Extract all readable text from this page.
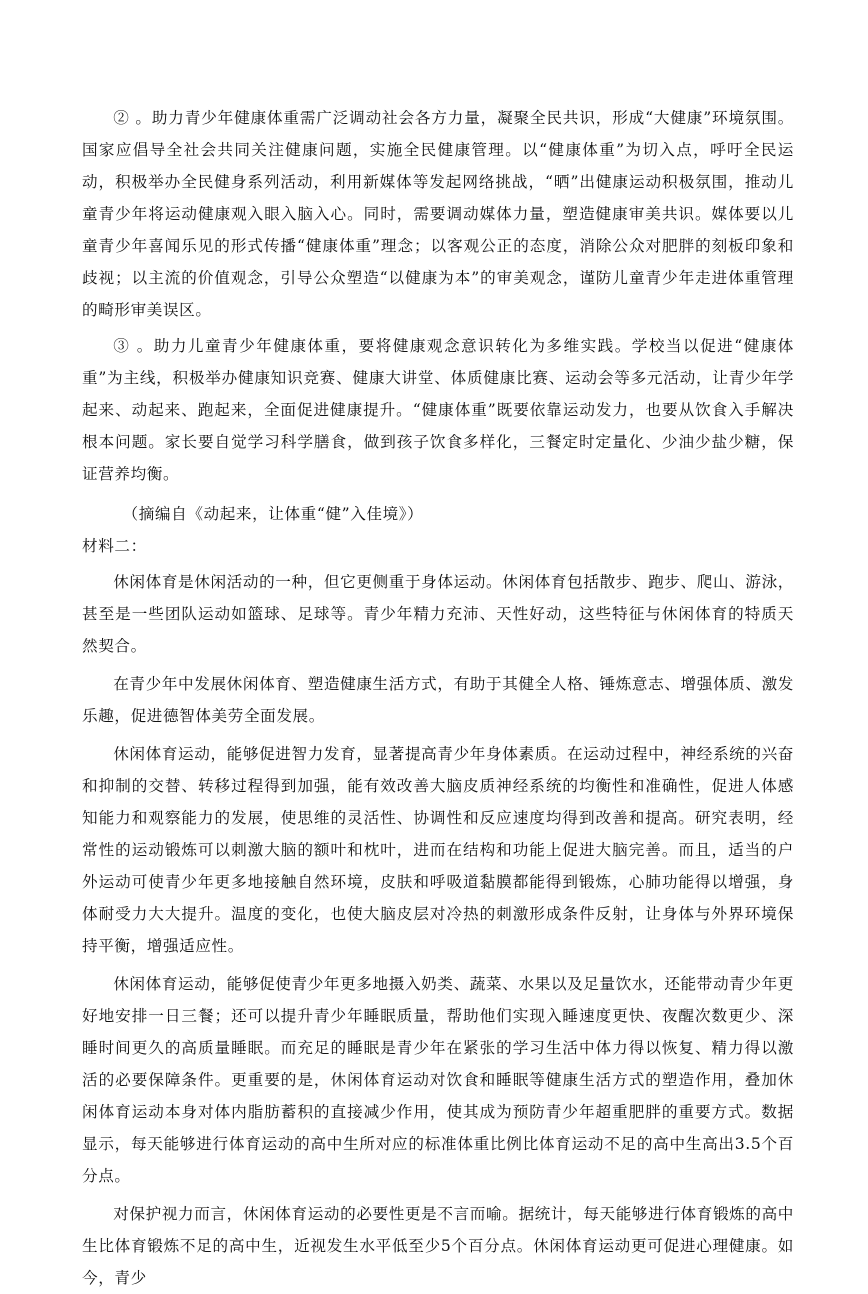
② 。助力青少年健康体重需广泛调动社会各方力量，凝聚全民共识，形成“大健康”环境氛围。国家应倡导全社会共同关注健康问题，实施全民健康管理。以“健康体重”为切入点，呼吁全民运动，积极举办全民健身系列活动，利用新媒体等发起网络挑战，“晒”出健康运动积极氛围，推动儿童青少年将运动健康观入眼入脑入心。同时，需要调动媒体力量，塑造健康审美共识。媒体要以儿童青少年喜闻乐见的形式传播“健康体重”理念；以客观公正的态度，消除公众对肥胖的刻板印象和歧视；以主流的价值观念，引导公众塑造“以健康为本”的审美观念，谨防儿童青少年走进体重管理的畸形审美误区。

③ 。助力儿童青少年健康体重，要将健康观念意识转化为多维实践。学校当以促进“健康体重”为主线，积极举办健康知识竞赛、健康大讲堂、体质健康比赛、运动会等多元活动，让青少年学起来、动起来、跑起来，全面促进健康提升。“健康体重”既要依靠运动发力，也要从饮食入手解决根本问题。家长要自觉学习科学膳食，做到孩子饮食多样化，三餐定时定量化、少油少盐少糖，保证营养均衡。

（摘编自《动起来，让体重“健”入佳境》）

材料二：

休闲体育是休闲活动的一种，但它更侧重于身体运动。休闲体育包括散步、跑步、爬山、游泳，甚至是一些团队运动如篮球、足球等。青少年精力充沛、天性好动，这些特征与休闲体育的特质天然契合。

在青少年中发展休闲体育、塑造健康生活方式，有助于其健全人格、锤炼意志、增强体质、激发乐趣，促进德智体美劳全面发展。

休闲体育运动，能够促进智力发育，显著提高青少年身体素质。在运动过程中，神经系统的兴奋和抑制的交替、转移过程得到加强，能有效改善大脑皮质神经系统的均衡性和准确性，促进人体感知能力和观察能力的发展，使思维的灵活性、协调性和反应速度均得到改善和提高。研究表明，经常性的运动锻炼可以刺激大脑的额叶和枕叶，进而在结构和功能上促进大脑完善。而且，适当的户外运动可使青少年更多地接触自然环境，皮肤和呼吸道黏膜都能得到锻炼，心肺功能得以增强，身体耐受力大大提升。温度的变化，也使大脑皮层对冷热的刺激形成条件反射，让身体与外界环境保持平衡，增强适应性。

休闲体育运动，能够促使青少年更多地摄入奶类、蔬菜、水果以及足量饮水，还能带动青少年更好地安排一日三餐；还可以提升青少年睡眠质量，帮助他们实现入睡速度更快、夜醒次数更少、深睡时间更久的高质量睡眠。而充足的睡眠是青少年在紧张的学习生活中体力得以恢复、精力得以激活的必要保障条件。更重要的是，休闲体育运动对饮食和睡眠等健康生活方式的塑造作用，叠加休闲体育运动本身对体内脂肪蓄积的直接减少作用，使其成为预防青少年超重肥胖的重要方式。数据显示，每天能够进行体育运动的高中生所对应的标准体重比例比体育运动不足的高中生高出3.5个百分点。

对保护视力而言，休闲体育运动的必要性更是不言而喻。据统计，每天能够进行体育锻炼的高中生比体育锻炼不足的高中生，近视发生水平低至少5个百分点。休闲体育运动更可促进心理健康。如今，青少
